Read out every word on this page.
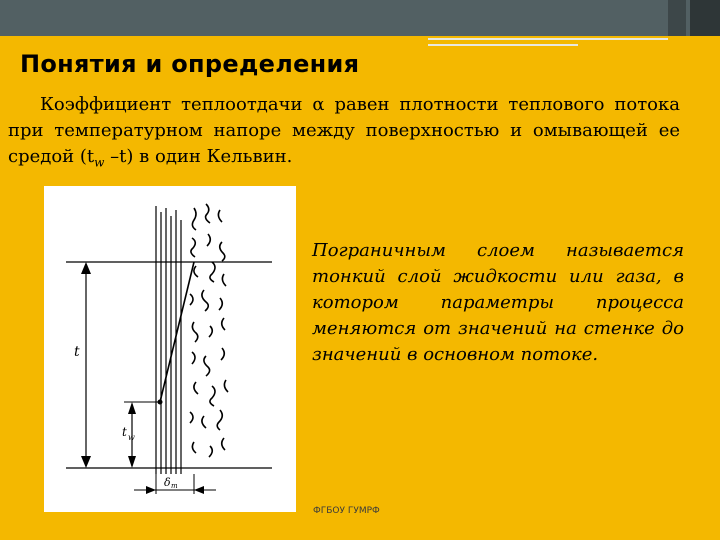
Понятия и определения

Коэффициент теплоотдачи α равен плотности теплового потока при температурном напоре между поверхностью и омывающей ее средой ($t_w$ –t) в один Кельвин.

t
t w
δ m

Пограничным слоем называется тонкий слой жидкости или газа, в котором параметры процесса меняются от значений на стенке до значений в основном потоке.

ФГБОУ ГУМРФ
